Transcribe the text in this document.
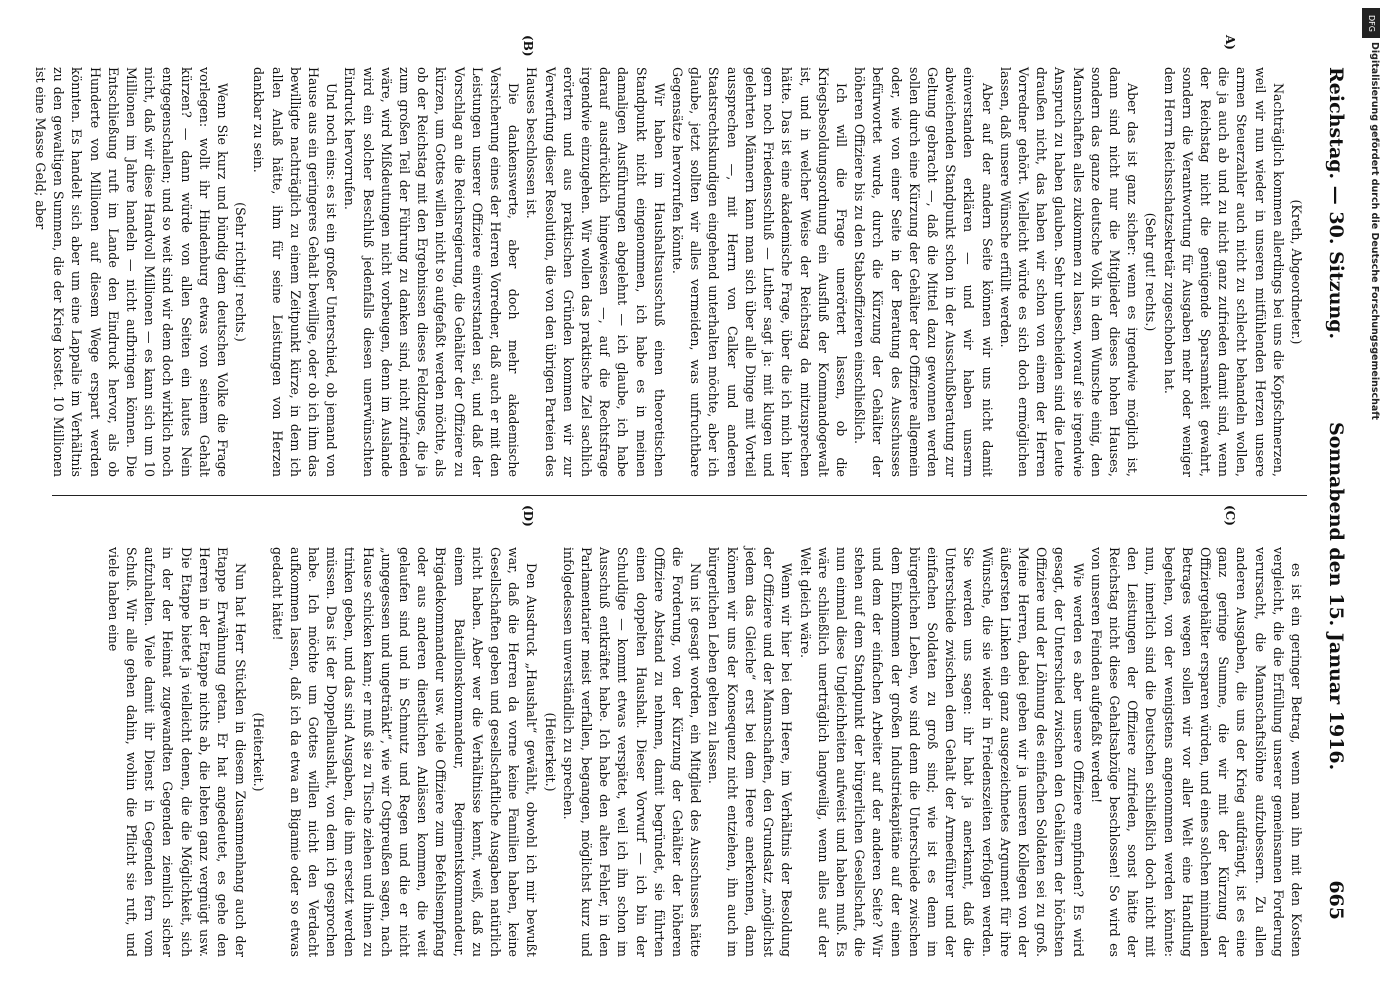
Reichstag. — 30. Sitzung.
Sonnabend den 15. Januar 1916.
665
A)
(B)
(C)
(D)

(Kreth, Abgeordneter.)

Nachträglich kommen allerdings bei uns die Kopfschmerzen, weil wir nun wieder in unseren mitfühlenden Herzen unsere armen Steuerzahler auch nicht zu schlecht behandeln wollen, die ja auch ab und zu nicht ganz zufrieden damit sind, wenn der Reichstag nicht die genügende Sparsamkeit gewahrt, sondern die Verantwortung für Ausgaben mehr oder weniger dem Herrn Reichsschatzsekretär zugeschoben hat.

(Sehr gut! rechts.)

Aber das ist ganz sicher: wenn es irgendwie möglich ist, dann sind nicht nur die Mitglieder dieses hohen Hauses, sondern das ganze deutsche Volk in dem Wunsche einig, den Mannschaften alles zukommen zu lassen, worauf sie irgendwie Anspruch zu haben glauben. Sehr unbescheiden sind die Leute draußen nicht, das haben wir schon von einem der Herren Vorredner gehört. Vielleicht würde es sich doch ermöglichen lassen, daß unsere Wünsche erfüllt werden.

Aber auf der andern Seite können wir uns nicht damit einverstanden erklären — und wir haben unserm abweichenden Standpunkt schon in der Ausschußberatung zur Geltung gebracht —, daß die Mittel dazu gewonnen werden sollen durch eine Kürzung der Gehälter der Offiziere allgemein oder, wie von einer Seite in der Beratung des Ausschusses befürwortet wurde, durch die Kürzung der Gehälter der höheren Offiziere bis zu den Stabsoffizieren einschließlich.

Ich will die Frage unerörtert lassen, ob die Kriegsbesoldungsordnung ein Ausfluß der Kommandogewalt ist, und in welcher Weise der Reichstag da mitzusprechen hätte. Das ist eine akademische Frage, über die ich mich hier gern noch Friedensschluß — Luther sagt ja: mit klugen und gelehrten Männern kann man sich über alle Dinge mit Vorteil aussprechen —, mit Herrn von Calker und anderen Staatsrechtskundigen eingehend unterhalten möchte, aber ich glaube, jetzt sollten wir alles vermeiden, was unfruchtbare Gegensätze hervorrufen könnte.

Wir haben im Haushaltsausschuß einen theoretischen Standpunkt nicht eingenommen, ich habe es in meinen damaligen Ausführungen abgelehnt — ich glaube, ich habe darauf ausdrücklich hingewiesen —, auf die Rechtsfrage irgendwie einzugehen. Wir wollen das praktische Ziel sachlich erörtern und aus praktischen Gründen kommen wir zur Verwerfung dieser Resolution, die von den übrigen Parteien des Hauses beschlossen ist.

Die dankenswerte, aber doch mehr akademische Versicherung eines der Herren Vorredner, daß auch er mit den Leistungen unserer Offiziere einverstanden sei, und daß der Vorschlag an die Reichsregierung, die Gehälter der Offiziere zu kürzen, um Gottes willen nicht so aufgefaßt werden möchte, als ob der Reichstag mit den Ergebnissen dieses Feldzuges, die ja zum großen Teil der Führung zu danken sind, nicht zufrieden wäre, wird Mißdeutungen nicht vorbeugen, denn im Auslande wird ein solcher Beschluß jedenfalls diesen unerwünschten Eindruck hervorrufen.

Und noch eins: es ist ein großer Unterschied, ob jemand von Hause aus ein geringeres Gehalt bewillige, oder ob ich ihm das bewilligte nachträglich zu einem Zeitpunkt kürze, in dem ich allen Anlaß hätte, ihm für seine Leistungen von Herzen dankbar zu sein.

(Sehr richtig! rechts.)

Wenn Sie kurz und bündig dem deutschen Volke die Frage vorlegen: wollt ihr Hindenburg etwas von seinem Gehalt kürzen? — dann würde von allen Seiten ein lautes Nein entgegenschallen; und so weit sind wir dem doch wirklich noch nicht, daß wir diese Handvoll Millionen — es kann sich um 10 Millionen im Jahre handeln — nicht aufbringen können. Die Entschließung ruft im Lande den Eindruck hervor, als ob Hunderte von Millionen auf diesem Wege erspart werden könnten. Es handelt sich aber um eine Lappalie im Verhältnis zu den gewaltigen Summen, die der Krieg kostet. 10 Millionen ist eine Masse Geld; aber

es ist ein geringer Betrag, wenn man ihn mit den Kosten vergleicht, die die Erfüllung unserer gemeinsamen Forderung verursacht, die Mannschaftslöhne aufzubessern. Zu allen anderen Ausgaben, die uns der Krieg aufdrängt, ist es eine ganz geringe Summe, die wir mit der Kürzung der Offiziergehälter ersparen würden, und eines solchen minimalen Betrages wegen sollen wir vor aller Welt eine Handlung begehen, von der wenigstens angenommen werden könnte: nun, innerlich sind die Deutschen schließlich doch nicht mit den Leistungen der Offiziere zufrieden, sonst hätte der Reichstag nicht diese Gehaltsabzüge beschlossen! So wird es von unseren Feinden aufgefaßt werden!

Wie werden es aber unsere Offiziere empfinden? Es wird gesagt, der Unterschied zwischen den Gehältern der höchsten Offiziere und der Löhnung des einfachen Soldaten sei zu groß. Meine Herren, dabei geben wir ja unseren Kollegen von der äußersten Linken ein ganz ausgezeichnetes Argument für ihre Wünsche, die sie wieder in Friedenszeiten verfolgen werden. Sie werden uns sagen: ihr habt ja anerkannt, daß die Unterschiede zwischen dem Gehalt der Armeeführer und der einfachen Soldaten zu groß sind; wie ist es denn im bürgerlichen Leben, wo sind denn die Unterschiede zwischen dem Einkommen der großen Industriekapitäne auf der einen und dem der einfachen Arbeiter auf der anderen Seite? Wir stehen auf dem Standpunkt der bürgerlichen Gesellschaft, die nun einmal diese Ungleichheiten aufweist und haben muß. Es wäre schließlich unerträglich langweilig, wenn alles auf der Welt gleich wäre.

Wenn wir hier bei dem Heere, im Verhältnis der Besoldung der Offiziere und der Mannschaften, den Grundsatz „möglichst jedem das Gleiche“ erst bei dem Heere anerkennen, dann können wir uns der Konsequenz nicht entziehen, ihn auch im bürgerlichen Leben gelten zu lassen.

Nun ist gesagt worden, ein Mitglied des Ausschusses hätte die Forderung, von der Kürzung der Gehälter der höheren Offiziere Abstand zu nehmen, damit begründet, sie führten einen doppelten Haushalt. Dieser Vorwurf — ich bin der Schuldige — kommt etwas verspätet, weil ich ihn schon im Ausschuß entkräftet habe. Ich habe den alten Fehler, in den Parlamentarier meist verfallen, begangen, möglichst kurz und infolgedessen unverständlich zu sprechen.

(Heiterkeit.)

Den Ausdruck „Haushalt“ gewählt, obwohl ich mir bewußt war, daß die Herren da vorne keine Familien haben, keine Gesellschaften geben und gesellschaftliche Ausgaben natürlich nicht haben. Aber wer die Verhältnisse kennt, weiß, daß zu einem Bataillonskommandeur, Regimentskommandeur, Brigadekommandeur usw. viele Offiziere zum Befehlsempfang oder aus anderen dienstlichen Anlässen kommen, die weit gelaufen sind und in Schmutz und Regen und die er nicht „ungegessen und ungetränkt“, wie wir Ostpreußen sagen, nach Hause schicken kann; er muß sie zu Tische ziehen und ihnen zu trinken geben, und das sind Ausgaben, die ihm ersetzt werden müssen. Das ist der Doppelhaushalt, von dem ich gesprochen habe. Ich möchte um Gottes willen nicht den Verdacht aufkommen lassen, daß ich da etwa an Bigamie oder so etwas gedacht hätte!

(Heiterkeit.)

Nun hat Herr Stücklen in diesem Zusammenhang auch der Etappe Erwähnung getan. Er hat angedeutet, es gehe den Herren in der Etappe nichts ab, die lebten ganz vergnügt usw. Die Etappe bietet ja vielleicht denen, die die Möglichkeit, sich in der der Heimat zugewandten Gegenden ziemlich sicher aufzuhalten. Viele damit ihr Dienst in Gegenden fern vom Schuß. Wir alle gehen dahin, wohin die Pflicht sie ruft, und viele haben eine

DFG
Digitalisierung gefördert durch die Deutsche Forschungsgemeinschaft
